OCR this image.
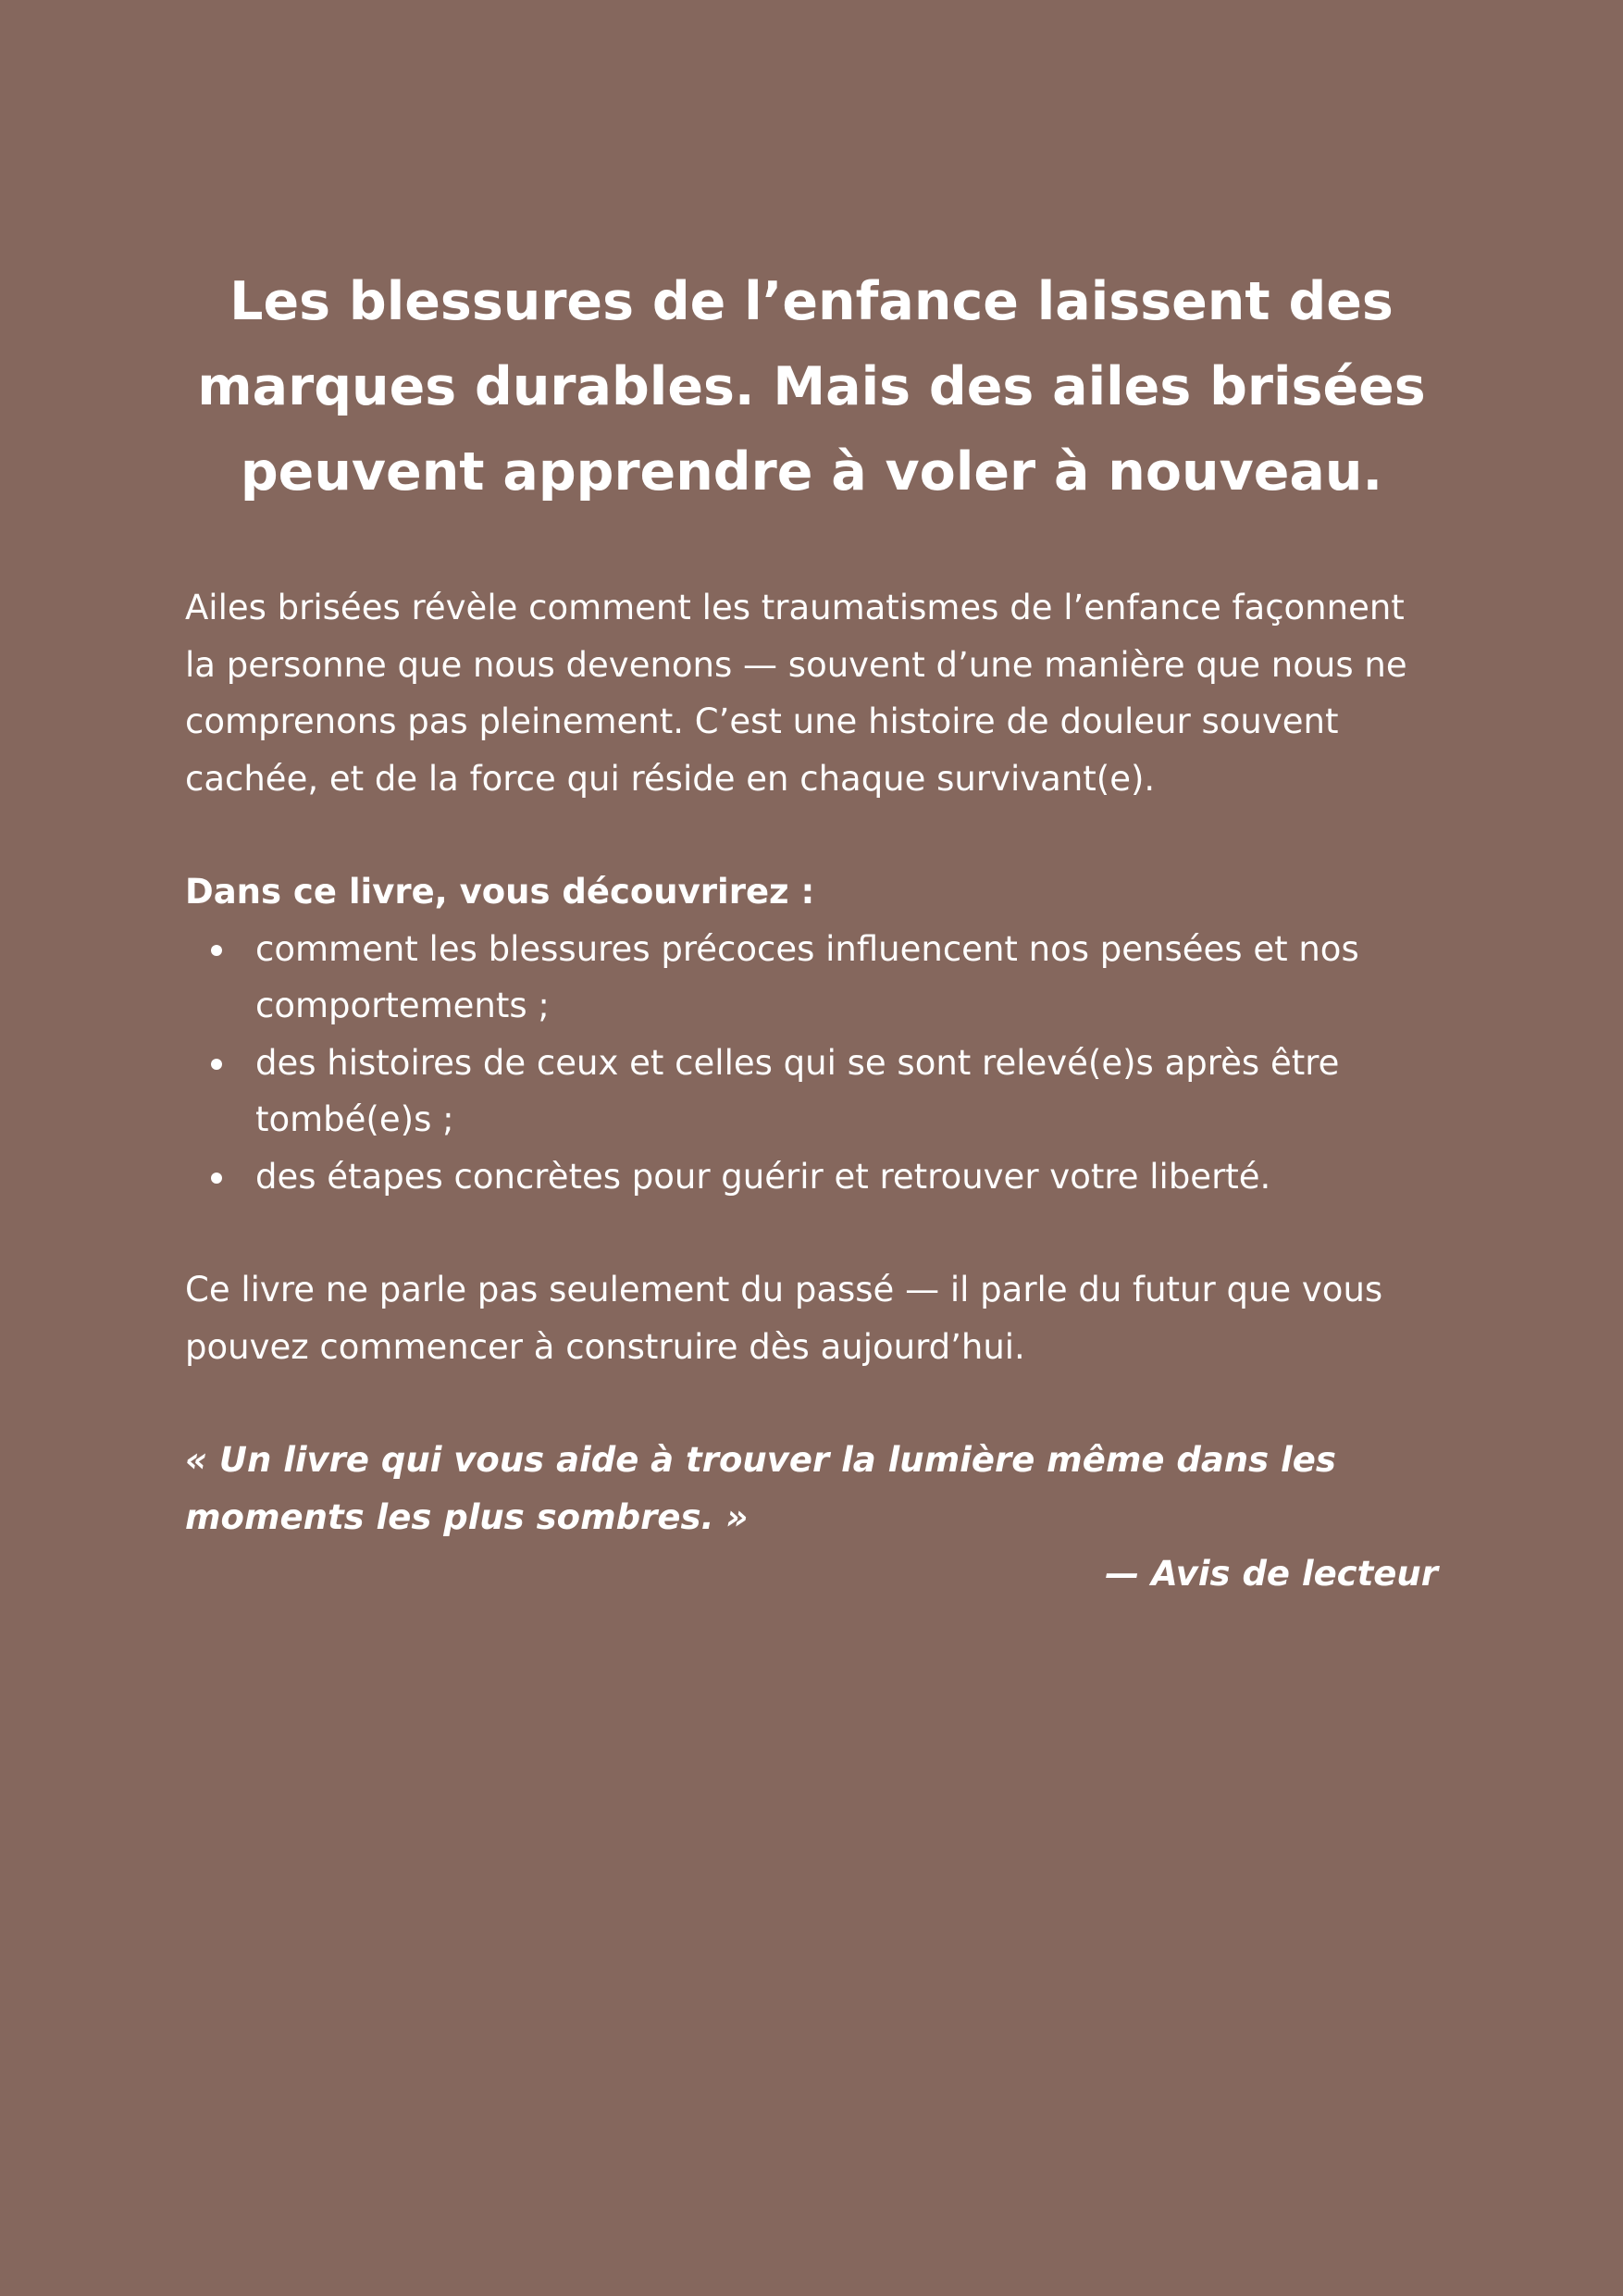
Les blessures de l’enfance laissent des marques durables. Mais des ailes brisées peuvent apprendre à voler à nouveau.

Ailes brisées révèle comment les traumatismes de l’enfance façonnent la personne que nous devenons — souvent d’une manière que nous ne comprenons pas pleinement. C’est une histoire de douleur souvent cachée, et de la force qui réside en chaque survivant(e).

Dans ce livre, vous découvrirez :

comment les blessures précoces influencent nos pensées et nos comportements ;
des histoires de ceux et celles qui se sont relevé(e)s après être tombé(e)s ;
des étapes concrètes pour guérir et retrouver votre liberté.

Ce livre ne parle pas seulement du passé — il parle du futur que vous pouvez commencer à construire dès aujourd’hui.

« Un livre qui vous aide à trouver la lumière même dans les moments les plus sombres. »

— Avis de lecteur
